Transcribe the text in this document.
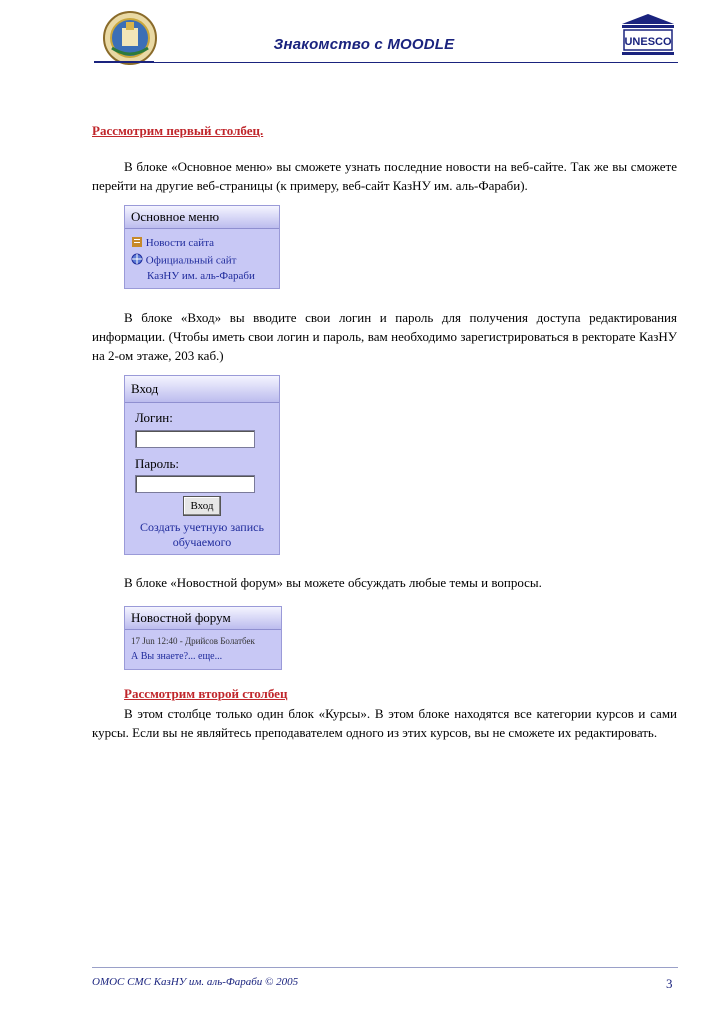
Знакомство с MOODLE	UNESCO
Рассмотрим первый столбец.
В блоке «Основное меню» вы сможете узнать последние новости на веб-сайте. Так же вы сможете перейти на другие веб-страницы (к примеру, веб-сайт КазНУ им. аль-Фараби).
Основное меню
Новости сайта
Официальный сайт
КазНУ им. аль-Фараби
В блоке «Вход» вы вводите свои логин и пароль для получения доступа редактирования информации. (Чтобы иметь свои логин и пароль, вам необходимо зарегистрироваться в ректорате КазНУ на 2-ом этаже, 203 каб.)
Вход
Логин:
Пароль:
Вход
Создать учетную запись
обучаемого
В блоке «Новостной форум» вы можете обсуждать любые темы и вопросы.
Новостной форум
17 Jun 12:40 - Дрийсов Болатбек
А Вы знаете?... еще...
Рассмотрим второй столбец
В этом столбце только один блок «Курсы». В этом блоке находятся все категории курсов и сами курсы. Если вы не являйтесь преподавателем одного из этих курсов, вы не сможете их редактировать.
ОМОС СМС КазНУ им. аль-Фараби © 2005	3
